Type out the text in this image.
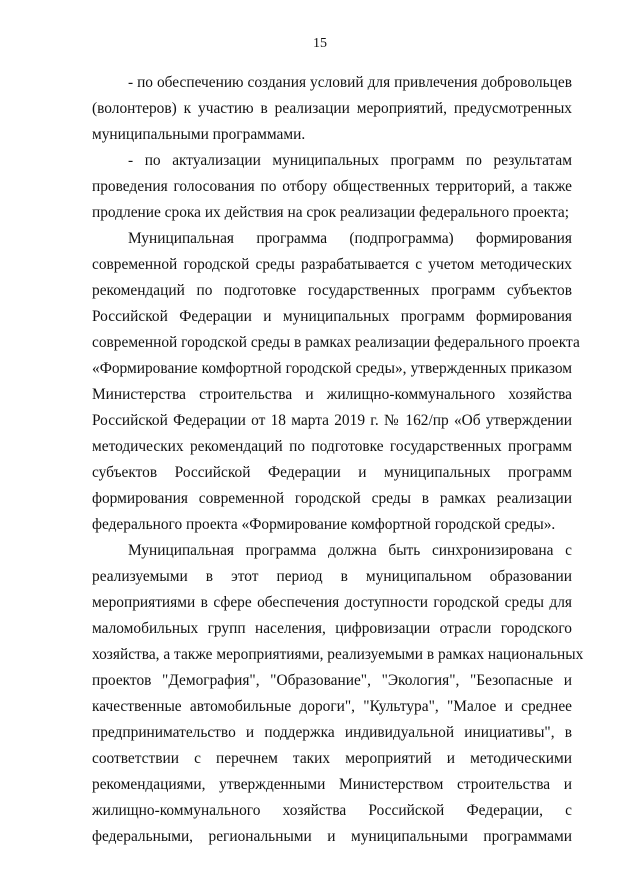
15
- по обеспечению создания условий для привлечения добровольцев
(волонтеров) к участию в реализации мероприятий, предусмотренных
муниципальными программами.
- по актуализации муниципальных программ по результатам
проведения голосования по отбору общественных территорий, а также
продление срока их действия на срок реализации федерального проекта;
Муниципальная программа (подпрограмма) формирования
современной городской среды разрабатывается с учетом методических
рекомендаций по подготовке государственных программ субъектов
Российской Федерации и муниципальных программ формирования
современной городской среды в рамках реализации федерального проекта
«Формирование комфортной городской среды», утвержденных приказом
Министерства строительства и жилищно-коммунального хозяйства
Российской Федерации от 18 марта 2019 г. № 162/пр «Об утверждении
методических рекомендаций по подготовке государственных программ
субъектов Российской Федерации и муниципальных программ
формирования современной городской среды в рамках реализации
федерального проекта «Формирование комфортной городской среды».
Муниципальная программа должна быть синхронизирована с
реализуемыми в этот период в муниципальном образовании
мероприятиями в сфере обеспечения доступности городской среды для
маломобильных групп населения, цифровизации отрасли городского
хозяйства, а также мероприятиями, реализуемыми в рамках национальных
проектов "Демография", "Образование", "Экология", "Безопасные и
качественные автомобильные дороги", "Культура", "Малое и среднее
предпринимательство и поддержка индивидуальной инициативы", в
соответствии с перечнем таких мероприятий и методическими
рекомендациями, утвержденными Министерством строительства и
жилищно-коммунального хозяйства Российской Федерации, с
федеральными, региональными и муниципальными программами
